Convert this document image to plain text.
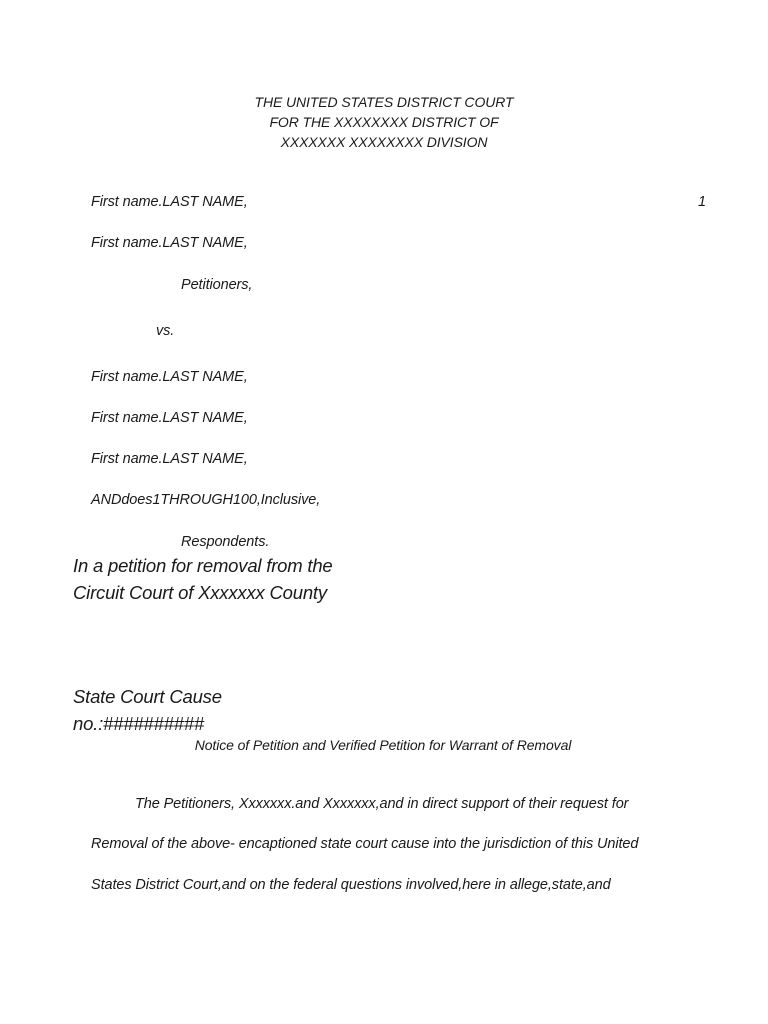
THE UNITED STATES DISTRICT COURT
FOR THE XXXXXXXX DISTRICT OF
XXXXXXX XXXXXXXX DIVISION
First name.LAST NAME,	1
First name.LAST NAME,
Petitioners,
vs.
First name.LAST NAME,
First name.LAST NAME,
First name.LAST NAME,
ANDdoes1THROUGH100,Inclusive,
Respondents.
In a petition for removal from the Circuit Court of Xxxxxxx County
State Court Cause no.:##########
Notice of Petition and Verified Petition for Warrant of Removal
The Petitioners, Xxxxxxx.and Xxxxxxx,and in direct support of their request for
Removal of the above- encaptioned state court cause into the jurisdiction of this United
States District Court,and on the federal questions involved,here in allege,state,and
